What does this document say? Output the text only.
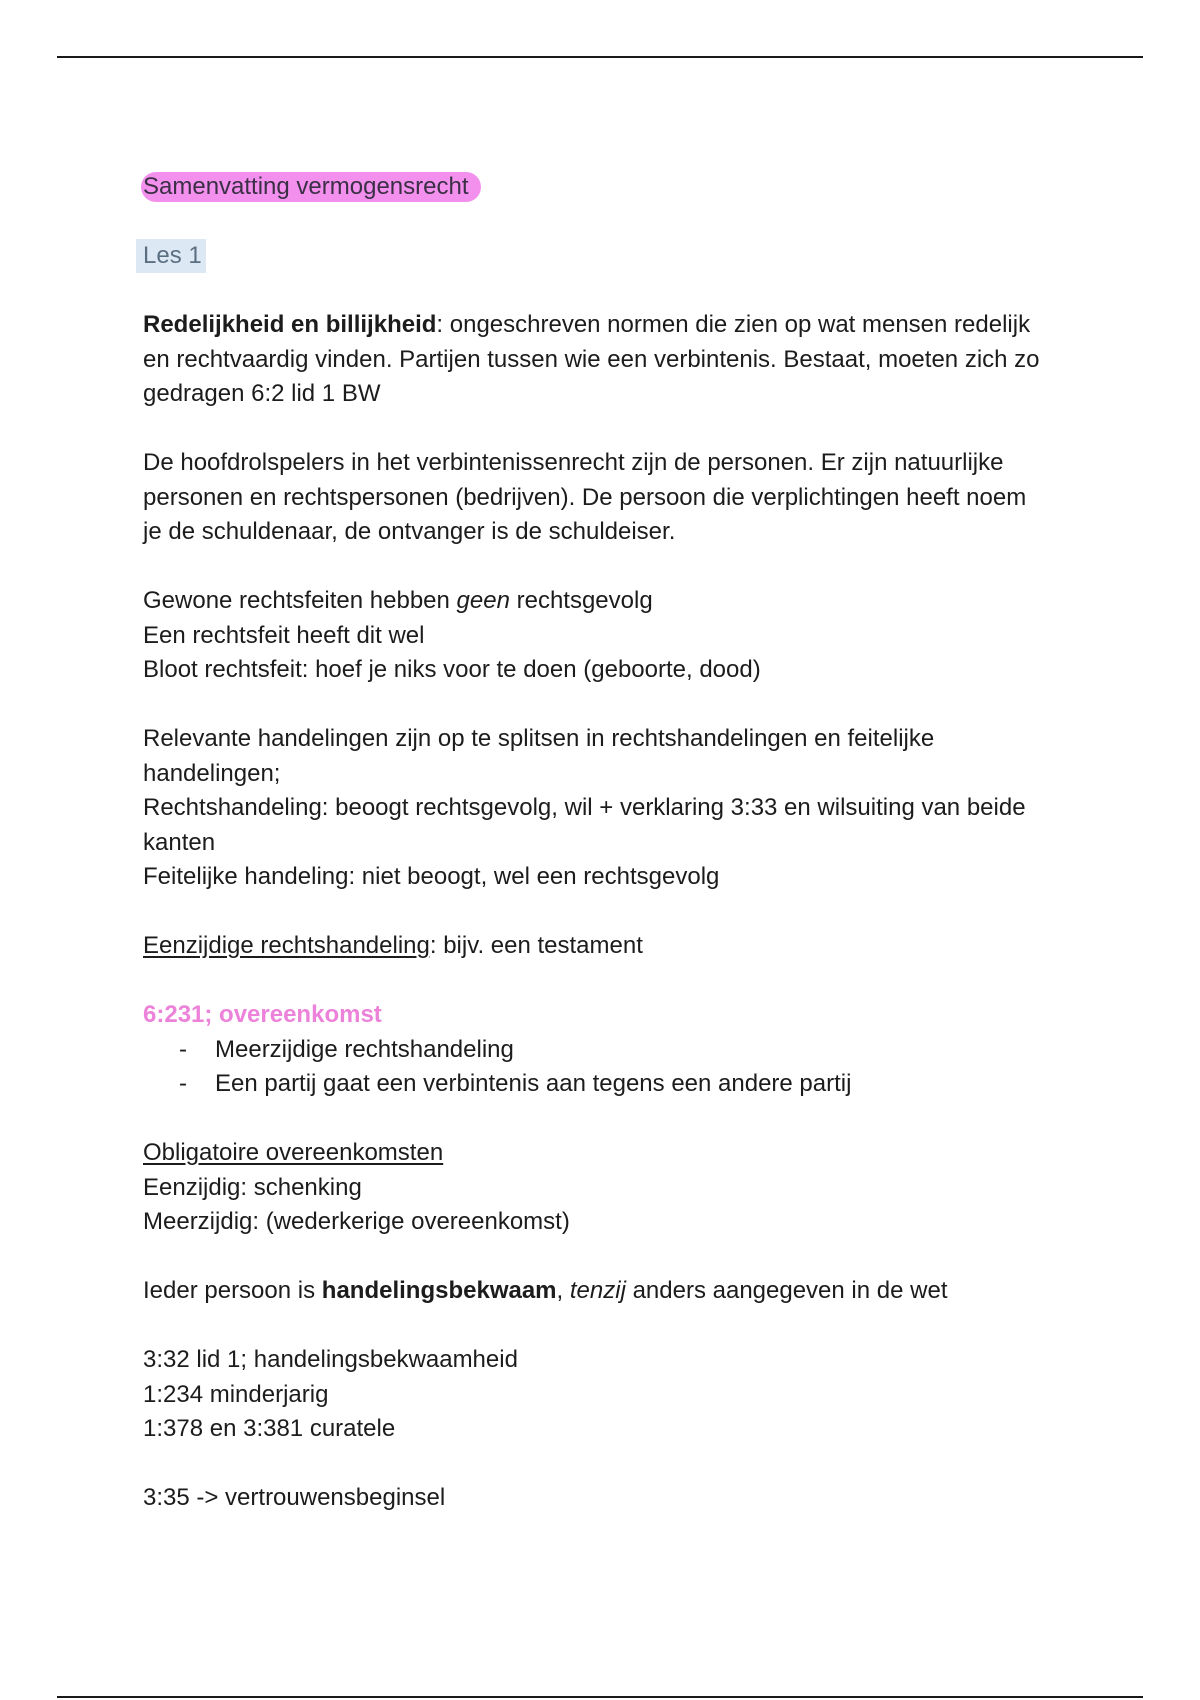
Samenvatting vermogensrecht

Les 1

Redelijkheid en billijkheid: ongeschreven normen die zien op wat mensen redelijk en rechtvaardig vinden. Partijen tussen wie een verbintenis. Bestaat, moeten zich zo gedragen 6:2 lid 1 BW

De hoofdrolspelers in het verbintenissenrecht zijn de personen. Er zijn natuurlijke personen en rechtspersonen (bedrijven). De persoon die verplichtingen heeft noem je de schuldenaar, de ontvanger is de schuldeiser.

Gewone rechtsfeiten hebben geen rechtsgevolg

Een rechtsfeit heeft dit wel

Bloot rechtsfeit: hoef je niks voor te doen (geboorte, dood)

Relevante handelingen zijn op te splitsen in rechtshandelingen en feitelijke handelingen;

Rechtshandeling: beoogt rechtsgevolg, wil + verklaring 3:33 en wilsuiting van beide kanten

Feitelijke handeling: niet beoogt, wel een rechtsgevolg

Eenzijdige rechtshandeling: bijv. een testament

6:231; overeenkomst

- Meerzijdige rechtshandeling
- Een partij gaat een verbintenis aan tegens een andere partij

Obligatoire overeenkomsten

Eenzijdig: schenking

Meerzijdig: (wederkerige overeenkomst)

Ieder persoon is handelingsbekwaam, tenzij anders aangegeven in de wet

3:32 lid 1; handelingsbekwaamheid

1:234 minderjarig

1:378 en 3:381 curatele

3:35 -> vertrouwensbeginsel
